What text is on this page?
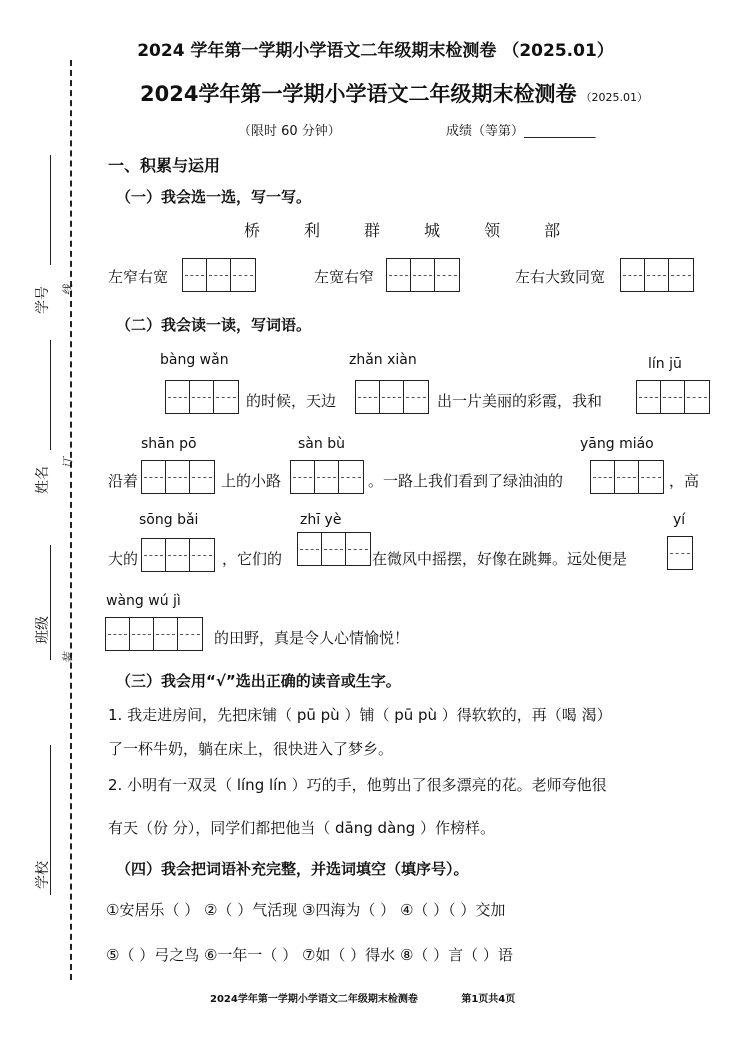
2024 学年第一学期小学语文二年级期末检测卷 （2025.01）
2024学年第一学期小学语文二年级期末检测卷 （2025.01）
（限时 60 分钟）	成绩（等第）___________
学号
姓名
班级
学校
线
订
装
一、积累与运用
（一）我会选一选，写一写。
桥	利	群	城	领	部
左窄右宽	左宽右窄	左右大致同宽
（二）我会读一读，写词语。
bàng wǎn	zhǎn xiàn	lín jū
的时候，天边	出一片美丽的彩霞，我和
shān pō	sàn bù	yāng miáo
沿着	上的小路	。一路上我们看到了绿油油的	，高
sōng bǎi	zhī yè	yí
大的	，它们的	在微风中摇摆，好像在跳舞。远处便是
wàng wú jì
的田野，真是令人心情愉悦！
（三）我会用“√”选出正确的读音或生字。
1. 我走进房间，先把床铺（ pū pù ）铺（ pū pù ）得软软的，再（喝 渴）
了一杯牛奶，躺在床上，很快进入了梦乡。
2. 小明有一双灵（ líng lín ）巧的手，他剪出了很多漂亮的花。老师夸他很
有天（份 分），同学们都把他当（ dāng dàng ）作榜样。
（四）我会把词语补充完整，并选词填空（填序号）。
①安居乐（ ） ②（ ）气活现 ③四海为（ ） ④（ ）（ ）交加
⑤（ ）弓之鸟 ⑥一年一（ ） ⑦如（ ）得水 ⑧（ ）言（ ）语
2024学年第一学期小学语文二年级期末检测卷	第1页共4页
